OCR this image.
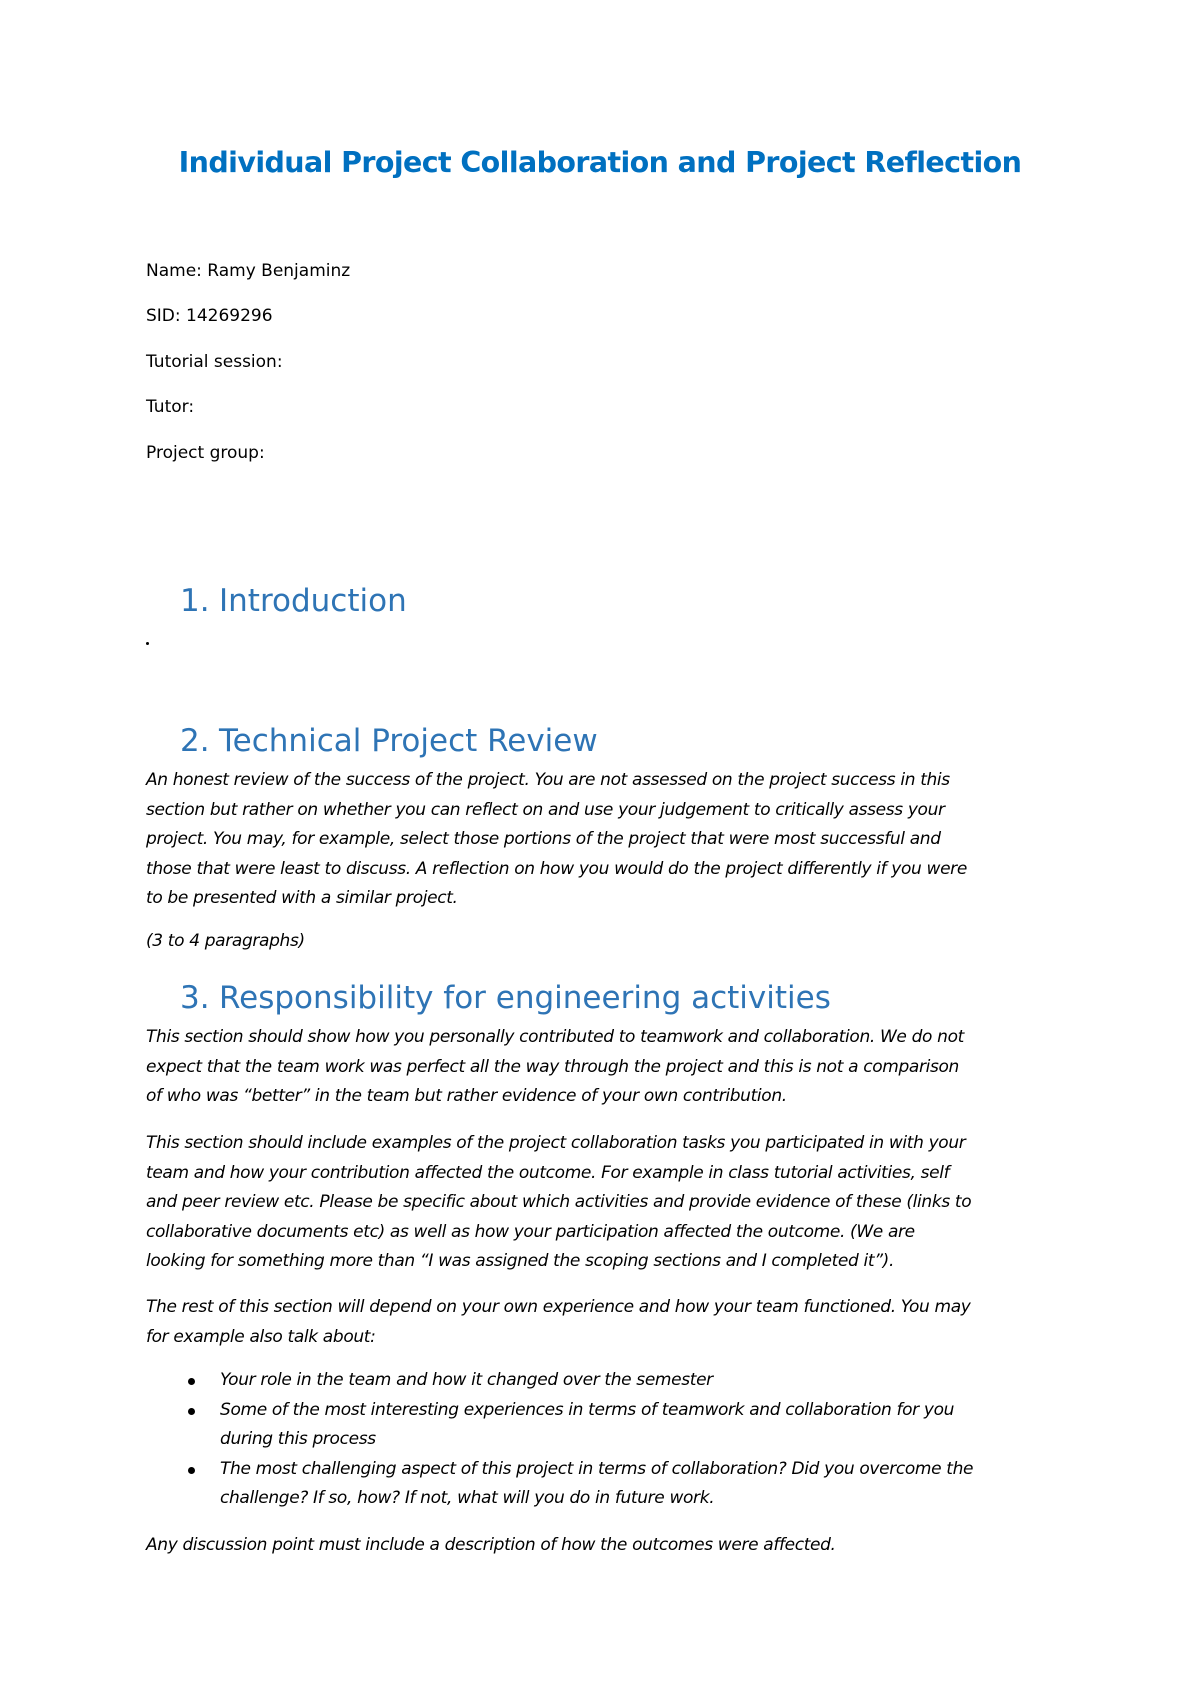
Individual Project Collaboration and Project Reflection

Name: Ramy Benjaminz

SID: 14269296

Tutorial session:

Tutor:

Project group:

1. Introduction
2. Technical Project Review

An honest review of the success of the project. You are not assessed on the project success in this
section but rather on whether you can reflect on and use your judgement to critically assess your
project. You may, for example, select those portions of the project that were most successful and
those that were least to discuss. A reflection on how you would do the project differently if you were
to be presented with a similar project.

(3 to 4 paragraphs)

3. Responsibility for engineering activities

This section should show how you personally contributed to teamwork and collaboration. We do not
expect that the team work was perfect all the way through the project and this is not a comparison
of who was “better” in the team but rather evidence of your own contribution.

This section should include examples of the project collaboration tasks you participated in with your
team and how your contribution affected the outcome. For example in class tutorial activities, self
and peer review etc. Please be specific about which activities and provide evidence of these (links to
collaborative documents etc) as well as how your participation affected the outcome. (We are
looking for something more than “I was assigned the scoping sections and I completed it”).

The rest of this section will depend on your own experience and how your team functioned. You may
for example also talk about:

Your role in the team and how it changed over the semester
Some of the most interesting experiences in terms of teamwork and collaboration for you
during this process
The most challenging aspect of this project in terms of collaboration? Did you overcome the
challenge? If so, how? If not, what will you do in future work.

Any discussion point must include a description of how the outcomes were affected.
